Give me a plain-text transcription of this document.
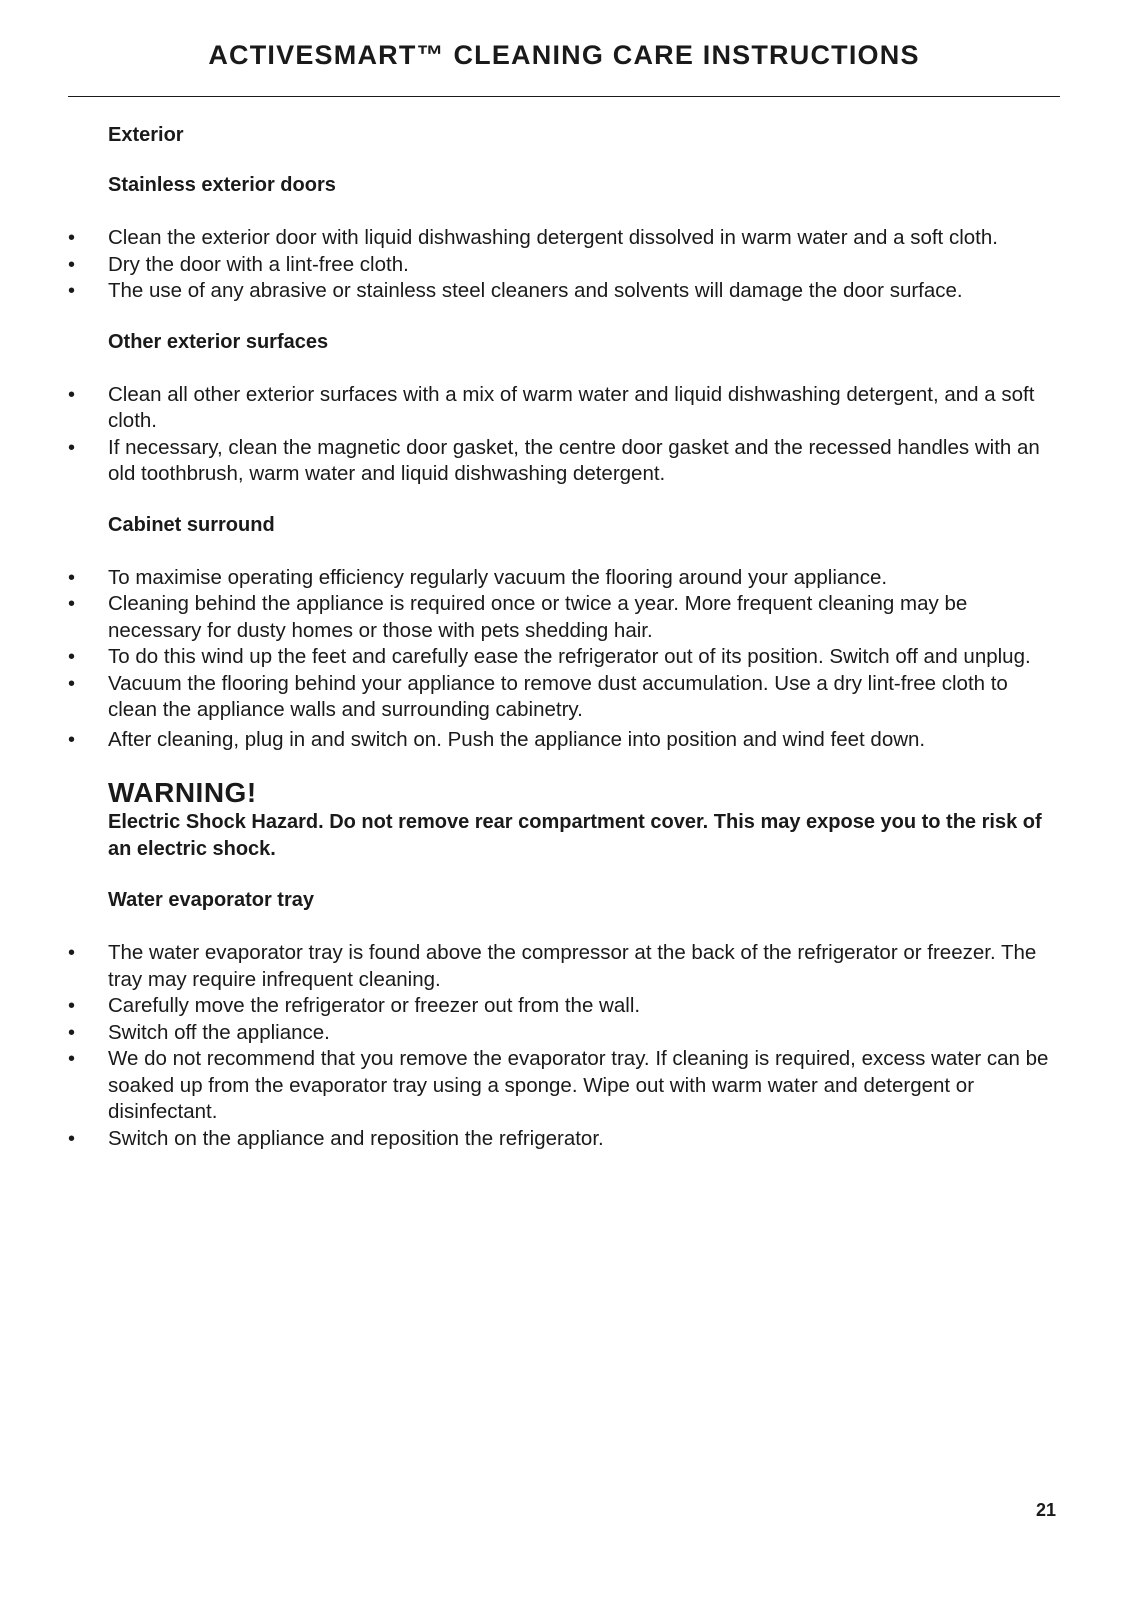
ACTIVESMART™ CLEANING CARE INSTRUCTIONS
Exterior
Stainless exterior doors
• Clean the exterior door with liquid dishwashing detergent dissolved in warm water and a soft cloth.
• Dry the door with a lint-free cloth.
• The use of any abrasive or stainless steel cleaners and solvents will damage the door surface.
Other exterior surfaces
• Clean all other exterior surfaces with a mix of warm water and liquid dishwashing detergent, and a soft cloth.
• If necessary, clean the magnetic door gasket, the centre door gasket and the recessed handles with an old toothbrush, warm water and liquid dishwashing detergent.
Cabinet surround
• To maximise operating efficiency regularly vacuum the flooring around your appliance.
• Cleaning behind the appliance is required once or twice a year. More frequent cleaning may be necessary for dusty homes or those with pets shedding hair.
• To do this wind up the feet and carefully ease the refrigerator out of its position. Switch off and unplug.
• Vacuum the flooring behind your appliance to remove dust accumulation. Use a dry lint-free cloth to clean the appliance walls and surrounding cabinetry.
• After cleaning, plug in and switch on. Push the appliance into position and wind feet down.
WARNING!
Electric Shock Hazard. Do not remove rear compartment cover. This may expose you to the risk of an electric shock.
Water evaporator tray
• The water evaporator tray is found above the compressor at the back of the refrigerator or freezer. The tray may require infrequent cleaning.
• Carefully move the refrigerator or freezer out from the wall.
• Switch off the appliance.
• We do not recommend that you remove the evaporator tray. If cleaning is required, excess water can be soaked up from the evaporator tray using a sponge. Wipe out with warm water and detergent or disinfectant.
• Switch on the appliance and reposition the refrigerator.
21
